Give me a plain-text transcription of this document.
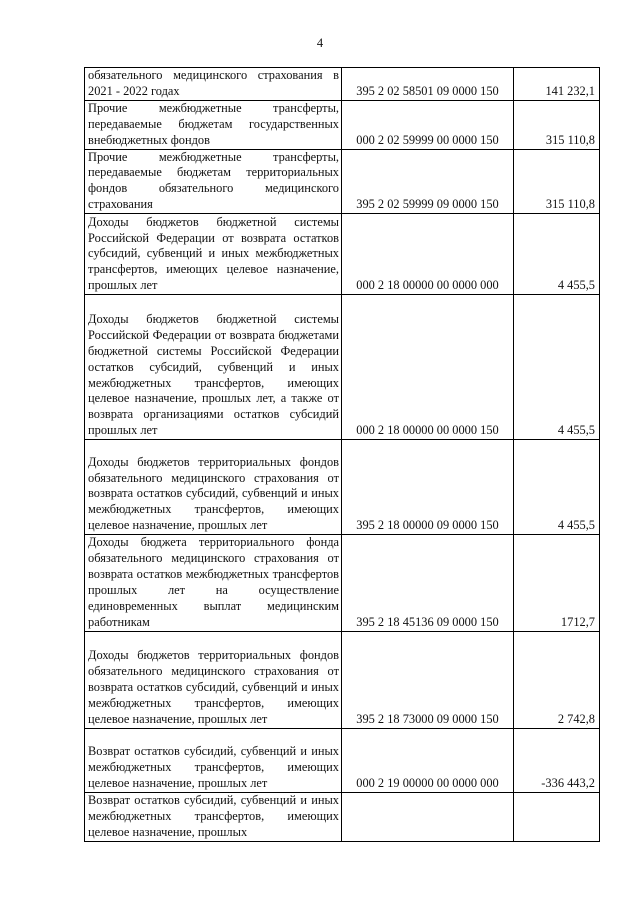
4
обязательного медицинского страхования в 2021 - 2022 годах	395 2 02 58501 09 0000 150	141 232,1

Прочие межбюджетные трансферты, передаваемые бюджетам государственных внебюджетных фондов	000 2 02 59999 00 0000 150	315 110,8

Прочие межбюджетные трансферты, передаваемые бюджетам территориальных фондов обязательного медицинского страхования	395 2 02 59999 09 0000 150	315 110,8

Доходы бюджетов бюджетной системы Российской Федерации от возврата остатков субсидий, субвенций и иных межбюджетных трансфертов, имеющих целевое назначение, прошлых лет	000 2 18 00000 00 0000 000	4 455,5

Доходы бюджетов бюджетной системы Российской Федерации от возврата бюджетами бюджетной системы Российской Федерации остатков субсидий, субвенций и иных межбюджетных трансфертов, имеющих целевое назначение, прошлых лет, а также от возврата организациями остатков субсидий прошлых лет	000 2 18 00000 00 0000 150	4 455,5

Доходы бюджетов территориальных фондов обязательного медицинского страхования от возврата остатков субсидий, субвенций и иных межбюджетных трансфертов, имеющих целевое назначение, прошлых лет	395 2 18 00000 09 0000 150	4 455,5

Доходы бюджета территориального фонда обязательного медицинского страхования от возврата остатков межбюджетных трансфертов прошлых лет на осуществление единовременных выплат медицинским работникам	395 2 18 45136 09 0000 150	1712,7

Доходы бюджетов территориальных фондов обязательного медицинского страхования от возврата остатков субсидий, субвенций и иных межбюджетных трансфертов, имеющих целевое назначение, прошлых лет	395 2 18 73000 09 0000 150	2 742,8

Возврат остатков субсидий, субвенций и иных межбюджетных трансфертов, имеющих целевое назначение, прошлых лет	000 2 19 00000 00 0000 000	-336 443,2

Возврат остатков субсидий, субвенций и иных межбюджетных трансфертов, имеющих целевое назначение, прошлых		
